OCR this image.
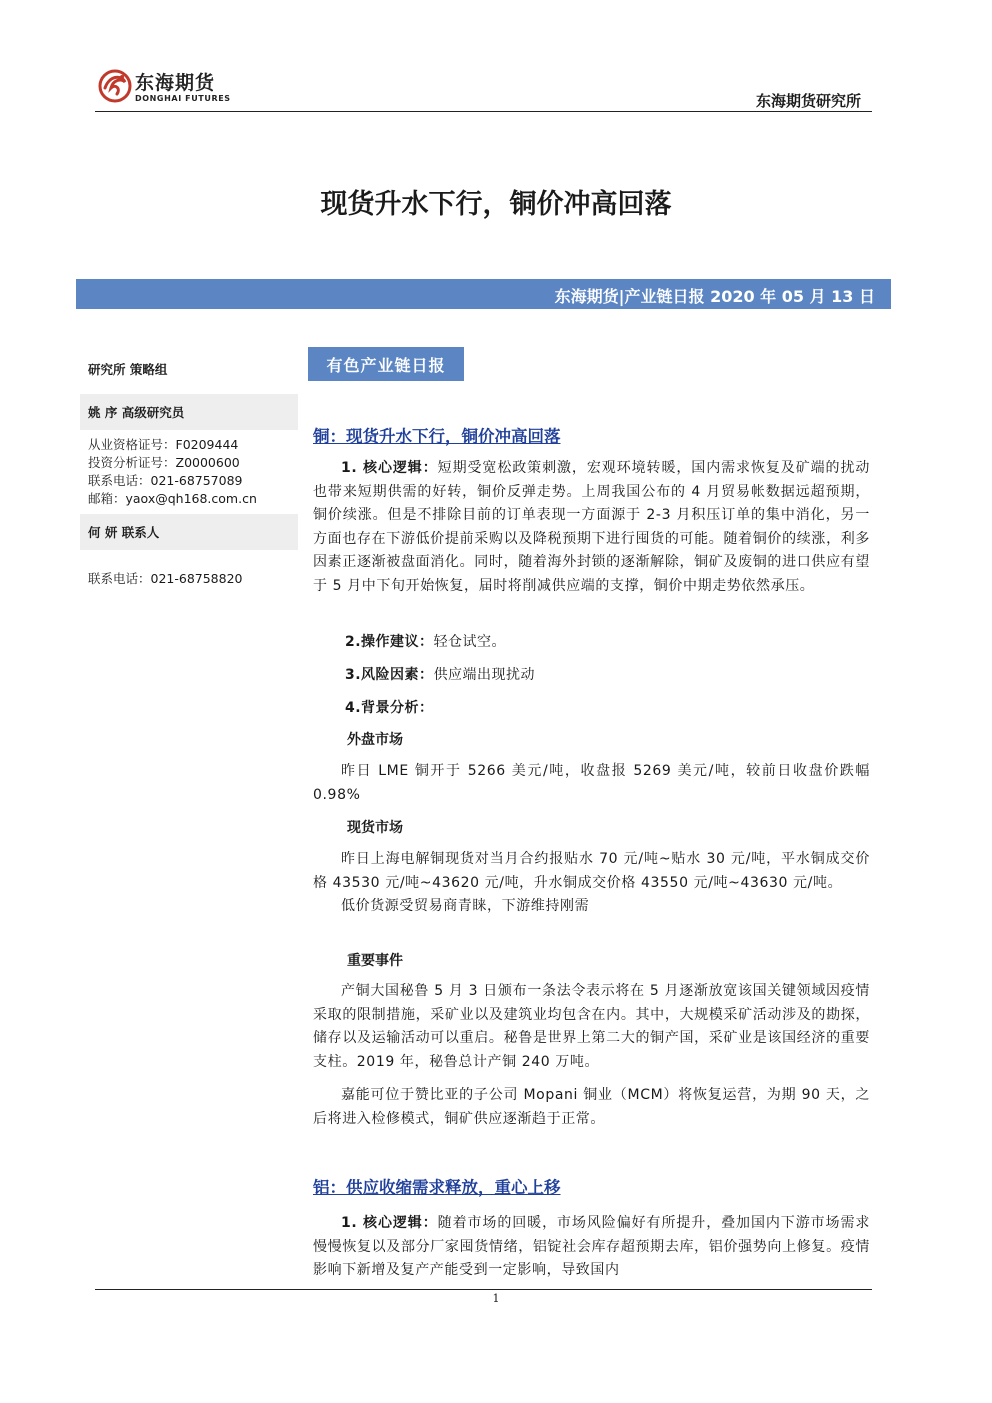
东海期货
DONGHAI FUTURES	东海期货研究所
现货升水下行，铜价冲高回落
东海期货|产业链日报 2020 年 05 月 13 日
研究所 策略组
姚 序 高级研究员
从业资格证号：F0209444
投资分析证号：Z0000600
联系电话：021-68757089
邮箱：yaox@qh168.com.cn
何 妍 联系人
联系电话：021-68758820
有色产业链日报
铜：现货升水下行，铜价冲高回落

1. 核心逻辑：短期受宽松政策刺激，宏观环境转暖，国内需求恢复及矿端的扰动也带来短期供需的好转，铜价反弹走势。上周我国公布的 4 月贸易帐数据远超预期，铜价续涨。但是不排除目前的订单表现一方面源于 2-3 月积压订单的集中消化，另一方面也存在下游低价提前采购以及降税预期下进行囤货的可能。随着铜价的续涨，利多因素正逐渐被盘面消化。同时，随着海外封锁的逐渐解除，铜矿及废铜的进口供应有望于 5 月中下旬开始恢复，届时将削减供应端的支撑，铜价中期走势依然承压。

2.操作建议：轻仓试空。
3.风险因素：供应端出现扰动
4.背景分析：
外盘市场

昨日 LME 铜开于 5266 美元/吨，收盘报 5269 美元/吨，较前日收盘价跌幅 0.98%

现货市场

昨日上海电解铜现货对当月合约报贴水 70 元/吨~贴水 30 元/吨，平水铜成交价格 43530 元/吨~43620 元/吨，升水铜成交价格 43550 元/吨~43630 元/吨。

低价货源受贸易商青睐，下游维持刚需

重要事件

产铜大国秘鲁 5 月 3 日颁布一条法令表示将在 5 月逐渐放宽该国关键领域因疫情采取的限制措施，采矿业以及建筑业均包含在内。其中，大规模采矿活动涉及的勘探，储存以及运输活动可以重启。秘鲁是世界上第二大的铜产国，采矿业是该国经济的重要支柱。2019 年，秘鲁总计产铜 240 万吨。

嘉能可位于赞比亚的子公司 Mopani 铜业（MCM）将恢复运营，为期 90 天，之后将进入检修模式，铜矿供应逐渐趋于正常。

铝：供应收缩需求释放，重心上移

1. 核心逻辑：随着市场的回暖，市场风险偏好有所提升，叠加国内下游市场需求慢慢恢复以及部分厂家囤货情绪，铝锭社会库存超预期去库，铝价强势向上修复。疫情影响下新增及复产产能受到一定影响，导致国内

1
